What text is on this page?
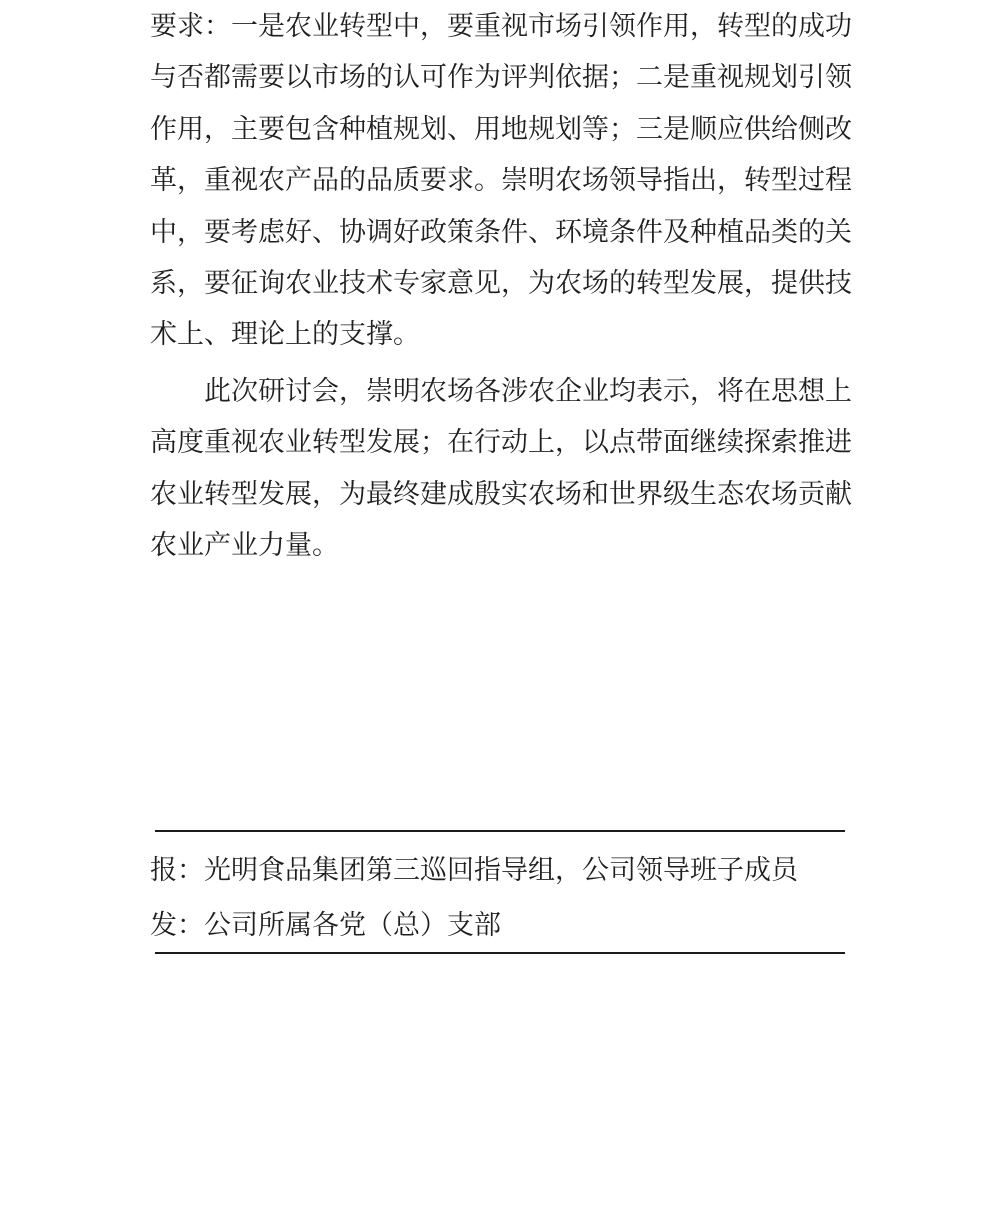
要求：一是农业转型中，要重视市场引领作用，转型的成功
与否都需要以市场的认可作为评判依据；二是重视规划引领
作用，主要包含种植规划、用地规划等；三是顺应供给侧改
革，重视农产品的品质要求。崇明农场领导指出，转型过程
中，要考虑好、协调好政策条件、环境条件及种植品类的关
系，要征询农业技术专家意见，为农场的转型发展，提供技
术上、理论上的支撑。
此次研讨会，崇明农场各涉农企业均表示，将在思想上
高度重视农业转型发展；在行动上，以点带面继续探索推进
农业转型发展，为最终建成殷实农场和世界级生态农场贡献
农业产业力量。
报：光明食品集团第三巡回指导组，公司领导班子成员
发：公司所属各党（总）支部
